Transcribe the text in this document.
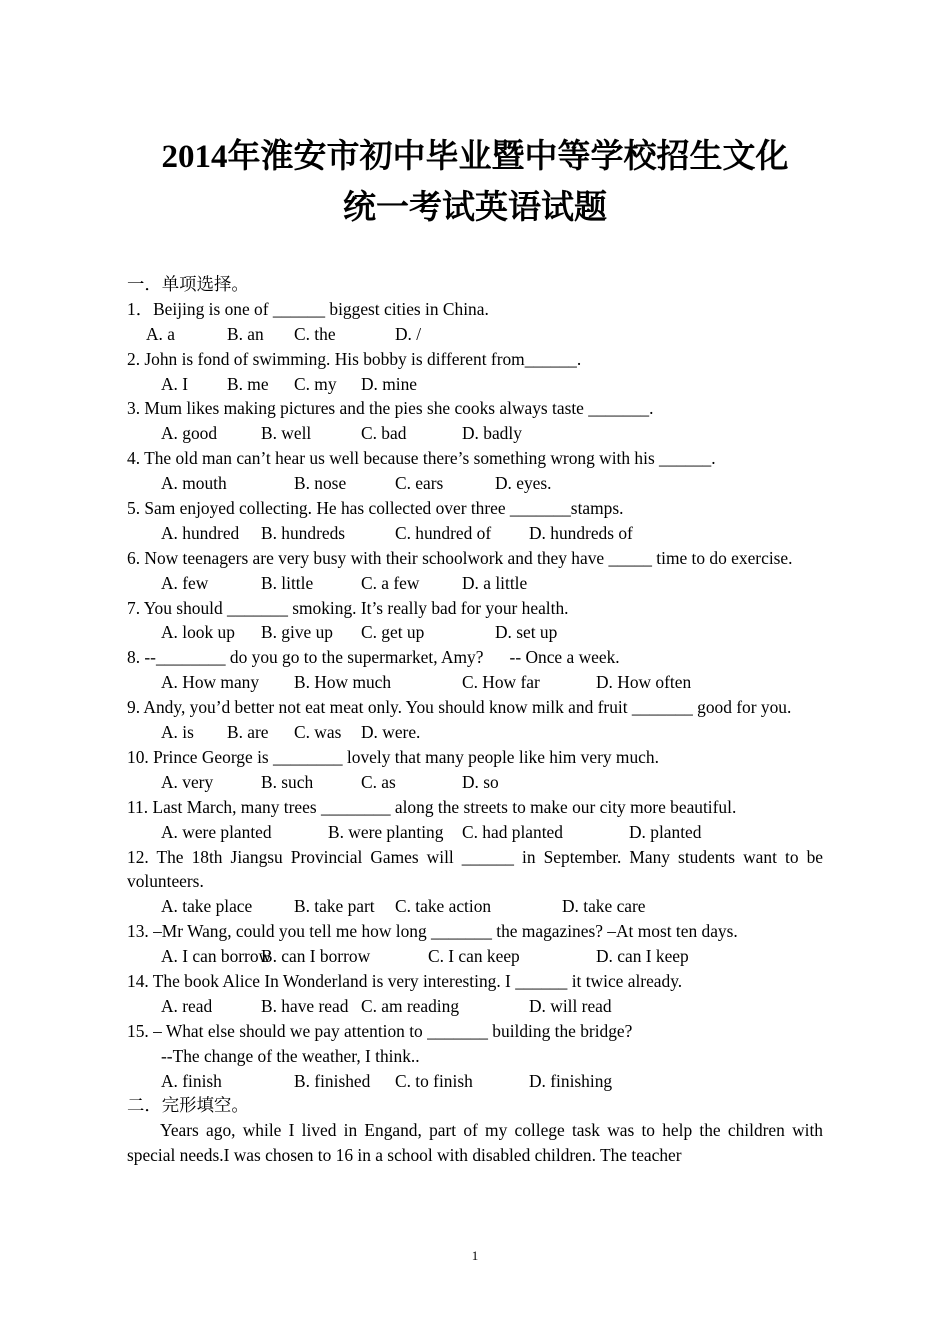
2014年淮安市初中毕业暨中等学校招生文化
统一考试英语试题
一．单项选择。
1．Beijing is one of ______ biggest cities in China.
A. a	B. an C. the	D. /
2. John is fond of swimming. His bobby is different from______.
A. I B. me C. my D. mine
3. Mum likes making pictures and the pies she cooks always taste _______.
A. good	B. well	C. bad	D. badly
4. The old man can’t hear us well because there’s something wrong with his ______.
A. mouth	B. nose	C. ears	D. eyes.
5. Sam enjoyed collecting. He has collected over three _______stamps.
A. hundred B. hundreds	C. hundred of D. hundreds of
6. Now teenagers are very busy with their schoolwork and they have _____ time to do exercise.
A. few	B. little	C. a few D. a little
7. You should _______ smoking. It’s really bad for your health.
A. look up B. give up C. get up	D. set up
8. --________ do you go to the supermarket, Amy?      -- Once a week.
A. How many B. How much	C. How far	D. How often
9. Andy, you’d better not eat meat only. You should know milk and fruit _______ good for you.
A. is B. are C. was D. were.
10. Prince George is ________ lovely that many people like him very much.
A. very	B. such	C. as	D. so
11. Last March, many trees ________ along the streets to make our city more beautiful.
A. were planted	B. were planting C. had planted	D. planted
12. The 18th Jiangsu Provincial Games will ______ in September. Many students want to be volunteers.
A. take place B. take part C. take action	D. take care
13. –Mr Wang, could you tell me how long _______ the magazines? –At most ten days.
A. I can borrow
B. can I borrow	C. I can keep	D. can I keep
14. The book Alice In Wonderland is very interesting. I ______ it twice already.
A. read	B. have read C. am reading	D. will read
15. – What else should we pay attention to _______ building the bridge?
--The change of the weather, I think..
A. finish	B. finished C. to finish	D. finishing
二．完形填空。
Years ago, while I lived in Engand, part of my college task was to help the children with special needs.I was chosen to 16 in a school with disabled children. The teacher
1
